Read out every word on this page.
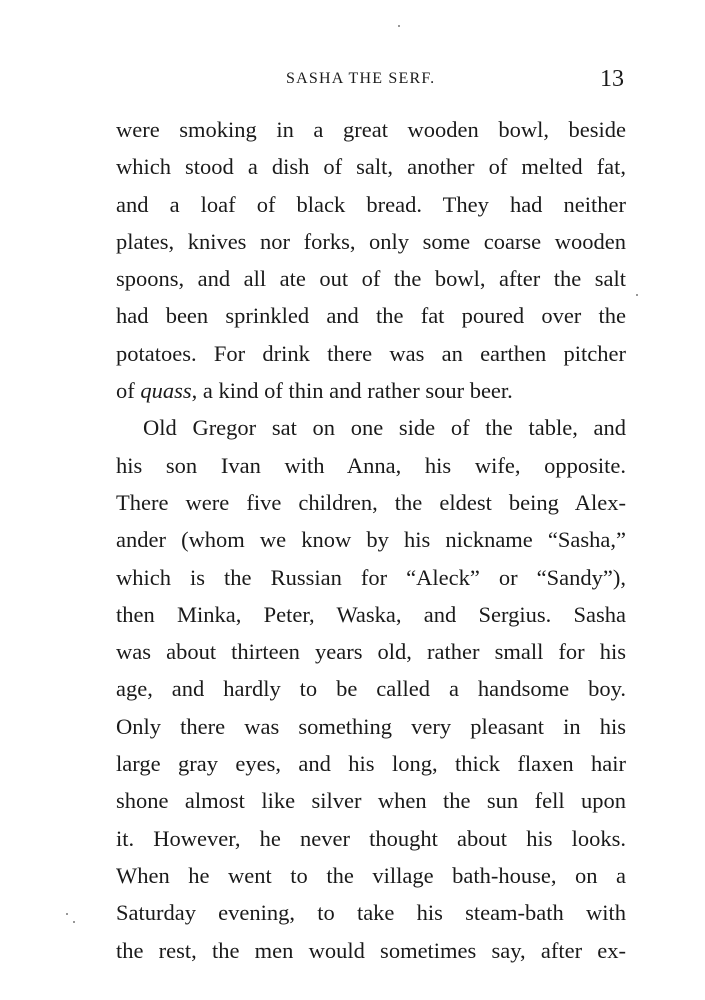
SASHA THE SERF.	13
were smoking in a great wooden bowl, beside
which stood a dish of salt, another of melted fat,
and a loaf of black bread. They had neither
plates, knives nor forks, only some coarse wooden
spoons, and all ate out of the bowl, after the salt
had been sprinkled and the fat poured over the
potatoes. For drink there was an earthen pitcher
of quass, a kind of thin and rather sour beer.
Old Gregor sat on one side of the table, and
his son Ivan with Anna, his wife, opposite.
There were five children, the eldest being Alex-
ander (whom we know by his nickname “Sasha,”
which is the Russian for “Aleck” or “Sandy”),
then Minka, Peter, Waska, and Sergius. Sasha
was about thirteen years old, rather small for his
age, and hardly to be called a handsome boy.
Only there was something very pleasant in his
large gray eyes, and his long, thick flaxen hair
shone almost like silver when the sun fell upon
it. However, he never thought about his looks.
When he went to the village bath-house, on a
Saturday evening, to take his steam-bath with
the rest, the men would sometimes say, after ex-
